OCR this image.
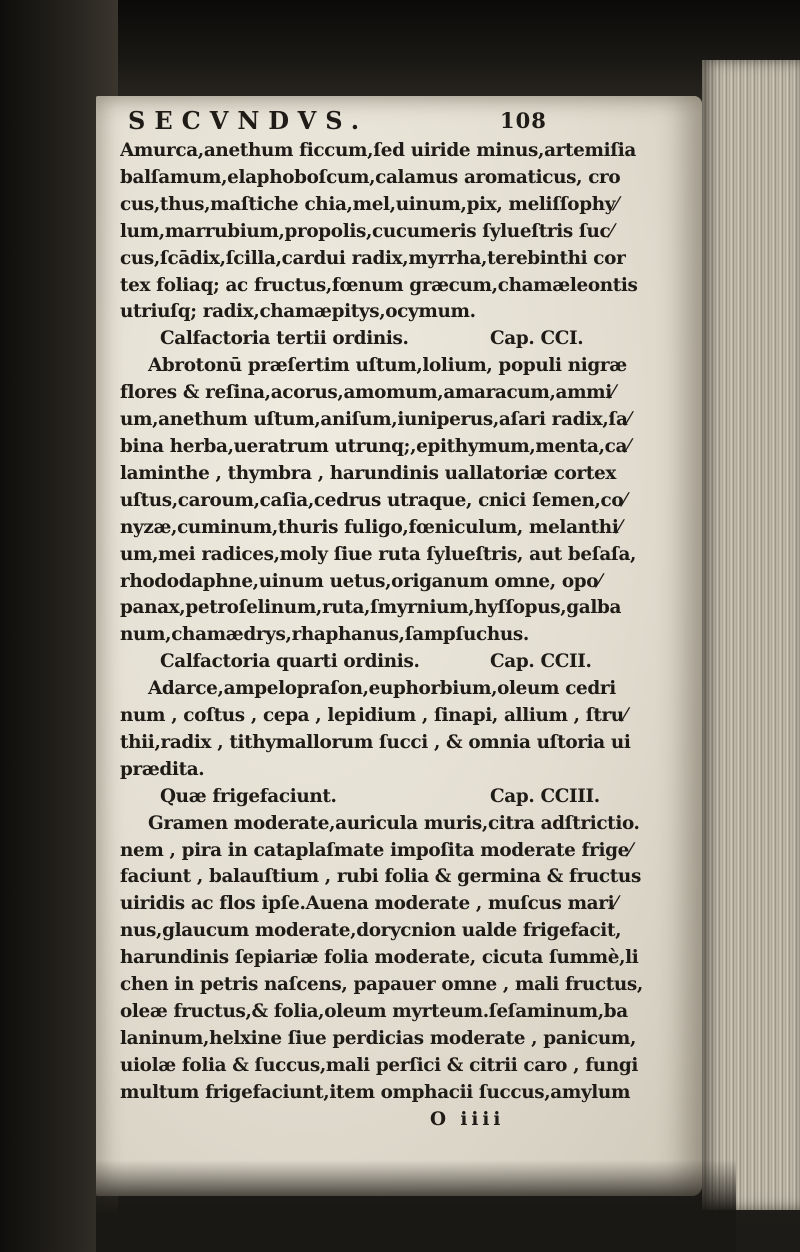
SECVNDVS.	108
Amurca,anethum ficcum,ſed uiride minus,artemiſia
balſamum,elaphoboſcum,calamus aromaticus, cro
cus,thus,maſtiche chia,mel,uinum,pix, meliſſophy⁄
lum,marrubium,propolis,cucumeris ſylueſtris ſuc⁄
cus,ſcādix,ſcilla,cardui radix,myrrha,terebinthi cor
tex foliaq; ac fructus,fœnum græcum,chamæleontis
utriuſq; radix,chamæpitys,ocymum.
Calfactoria tertii ordinis.	Cap. CCI.
Abrotonū præſertim uſtum,lolium, populi nigræ
flores & reſina,acorus,amomum,amaracum,ammi⁄
um,anethum uſtum,aniſum,iuniperus,aſari radix,ſa⁄
bina herba,ueratrum utrunq;,epithymum,menta,ca⁄
laminthe , thymbra , harundinis uallatoriæ cortex
uſtus,caroum,caſia,cedrus utraque, cnici ſemen,co⁄
nyzæ,cuminum,thuris fuligo,fœniculum, melanthi⁄
um,mei radices,moly ſiue ruta ſylueſtris, aut beſaſa,
rhododaphne,uinum uetus,origanum omne, opo⁄
panax,petroſelinum,ruta,ſmyrnium,hyſſopus,galba
num,chamædrys,rhaphanus,ſampſuchus.
Calfactoria quarti ordinis.	Cap. CCII.
Adarce,ampelopraſon,euphorbium,oleum cedri
num , coſtus , cepa , lepidium , ſinapi, allium , ſtru⁄
thii,radix , tithymallorum ſucci , & omnia uſtoria ui
prædita.
Quæ frigefaciunt.	Cap. CCIII.
Gramen moderate,auricula muris,citra adſtrictio.
nem , pira in cataplaſmate impoſita moderate frige⁄
faciunt , balauſtium , rubi folia & germina & fructus
uiridis ac flos ipſe.Auena moderate , muſcus mari⁄
nus,glaucum moderate,dorycnion ualde frigefacit,
harundinis ſepiariæ folia moderate, cicuta ſummè,li
chen in petris naſcens, papauer omne , mali fructus,
oleæ fructus,& folia,oleum myrteum.ſeſaminum,ba
laninum,helxine ſiue perdicias moderate , panicum,
uiolæ folia & ſuccus,mali perſici & citrii caro , fungi
multum frigefaciunt,item omphacii ſuccus,amylum
O iiii
